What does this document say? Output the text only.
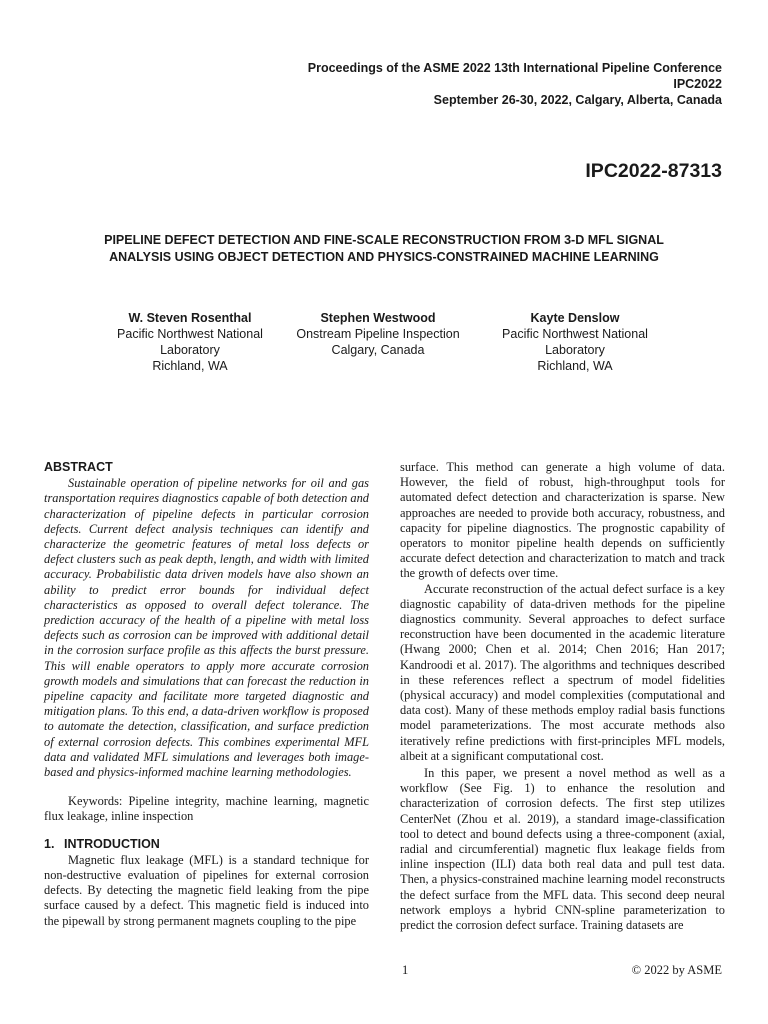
Proceedings of the ASME 2022 13th International Pipeline Conference
IPC2022
September 26-30, 2022, Calgary, Alberta, Canada
IPC2022-87313
PIPELINE DEFECT DETECTION AND FINE-SCALE RECONSTRUCTION FROM 3-D MFL SIGNAL ANALYSIS USING OBJECT DETECTION AND PHYSICS-CONSTRAINED MACHINE LEARNING
W. Steven Rosenthal
Pacific Northwest National
Laboratory
Richland, WA
Stephen Westwood
Onstream Pipeline Inspection
Calgary, Canada
Kayte Denslow
Pacific Northwest National
Laboratory
Richland, WA
ABSTRACT

Sustainable operation of pipeline networks for oil and gas transportation requires diagnostics capable of both detection and characterization of pipeline defects in particular corrosion defects. Current defect analysis techniques can identify and characterize the geometric features of metal loss defects or defect clusters such as peak depth, length, and width with limited accuracy. Probabilistic data driven models have also shown an ability to predict error bounds for individual defect characteristics as opposed to overall defect tolerance. The prediction accuracy of the health of a pipeline with metal loss defects such as corrosion can be improved with additional detail in the corrosion surface profile as this affects the burst pressure. This will enable operators to apply more accurate corrosion growth models and simulations that can forecast the reduction in pipeline capacity and facilitate more targeted diagnostic and mitigation plans. To this end, a data-driven workflow is proposed to automate the detection, classification, and surface prediction of external corrosion defects. This combines experimental MFL data and validated MFL simulations and leverages both image-based and physics-informed machine learning methodologies.

Keywords: Pipeline integrity, machine learning, magnetic flux leakage, inline inspection

1. INTRODUCTION

Magnetic flux leakage (MFL) is a standard technique for non-destructive evaluation of pipelines for external corrosion defects. By detecting the magnetic field leaking from the pipe surface caused by a defect. This magnetic field is induced into the pipewall by strong permanent magnets coupling to the pipe

surface. This method can generate a high volume of data. However, the field of robust, high-throughput tools for automated defect detection and characterization is sparse. New approaches are needed to provide both accuracy, robustness, and capacity for pipeline diagnostics. The prognostic capability of operators to monitor pipeline health depends on sufficiently accurate defect detection and characterization to match and track the growth of defects over time.

Accurate reconstruction of the actual defect surface is a key diagnostic capability of data-driven methods for the pipeline diagnostics community. Several approaches to defect surface reconstruction have been documented in the academic literature (Hwang 2000; Chen et al. 2014; Chen 2016; Han 2017; Kandroodi et al. 2017). The algorithms and techniques described in these references reflect a spectrum of model fidelities (physical accuracy) and model complexities (computational and data cost). Many of these methods employ radial basis functions model parameterizations. The most accurate methods also iteratively refine predictions with first-principles MFL models, albeit at a significant computational cost.

In this paper, we present a novel method as well as a workflow (See Fig. 1) to enhance the resolution and characterization of corrosion defects. The first step utilizes CenterNet (Zhou et al. 2019), a standard image-classification tool to detect and bound defects using a three-component (axial, radial and circumferential) magnetic flux leakage fields from inline inspection (ILI) data both real data and pull test data. Then, a physics-constrained machine learning model reconstructs the defect surface from the MFL data. This second deep neural network employs a hybrid CNN-spline parameterization to predict the corrosion defect surface. Training datasets are

1	© 2022 by ASME
